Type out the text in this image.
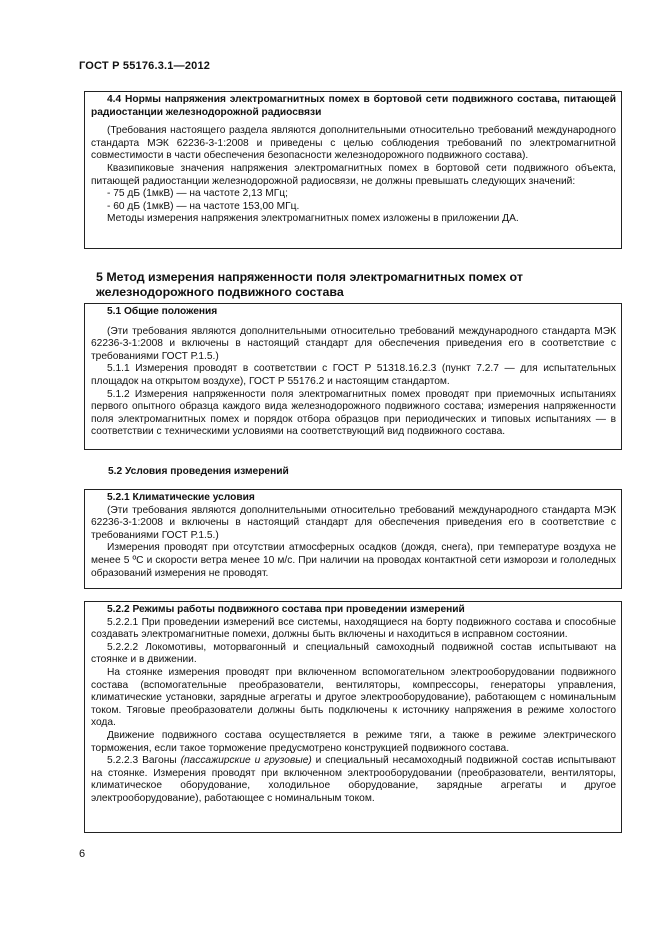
ГОСТ Р 55176.3.1—2012

4.4 Нормы напряжения электромагнитных помех в бортовой сети подвижного состава, питающей радиостанции железнодорожной радиосвязи

(Требования настоящего раздела являются дополнительными относительно требований международного стандарта МЭК 62236-3-1:2008 и приведены с целью соблюдения требований по электромагнитной совместимости в части обеспечения безопасности железнодорожного подвижного состава).

Квазипиковые значения напряжения электромагнитных помех в бортовой сети подвижного объекта, питающей радиостанции железнодорожной радиосвязи, не должны превышать следующих значений:

- 75 дБ (1мкВ) — на частоте 2,13 МГц;

- 60 дБ (1мкВ) — на частоте 153,00 МГц.

Методы измерения напряжения электромагнитных помех изложены в приложении ДА.

5 Метод измерения напряженности поля электромагнитных помех от железнодорожного подвижного состава

5.1 Общие положения

(Эти требования являются дополнительными относительно требований международного стандарта МЭК 62236-3-1:2008 и включены в настоящий стандарт для обеспечения приведения его в соответствие с требованиями ГОСТ Р.1.5.)

5.1.1 Измерения проводят в соответствии с ГОСТ Р 51318.16.2.3 (пункт 7.2.7 — для испытательных площадок на открытом воздухе), ГОСТ Р 55176.2 и настоящим стандартом.

5.1.2 Измерения напряженности поля электромагнитных помех проводят при приемочных испытаниях первого опытного образца каждого вида железнодорожного подвижного состава; измерения напряженности поля электромагнитных помех и порядок отбора образцов при периодических и типовых испытаниях — в соответствии с техническими условиями на соответствующий вид подвижного состава.

5.2 Условия проведения измерений

5.2.1 Климатические условия

(Эти требования являются дополнительными относительно требований международного стандарта МЭК 62236-3-1:2008 и включены в настоящий стандарт для обеспечения приведения его в соответствие с требованиями ГОСТ Р.1.5.)

Измерения проводят при отсутствии атмосферных осадков (дождя, снега), при температуре воздуха не менее 5 ºС и скорости ветра менее 10 м/с. При наличии на проводах контактной сети изморози и гололедных образований измерения не проводят.

5.2.2 Режимы работы подвижного состава при проведении измерений

5.2.2.1 При проведении измерений все системы, находящиеся на борту подвижного состава и способные создавать электромагнитные помехи, должны быть включены и находиться в исправном состоянии.

5.2.2.2 Локомотивы, моторвагонный и специальный самоходный подвижной состав испытывают на стоянке и в движении.

На стоянке измерения проводят при включенном вспомогательном электрооборудовании подвижного состава (вспомогательные преобразователи, вентиляторы, компрессоры, генераторы управления, климатические установки, зарядные агрегаты и другое электрооборудование), работающем с номинальным током. Тяговые преобразователи должны быть подключены к источнику напряжения в режиме холостого хода.

Движение подвижного состава осуществляется в режиме тяги, а также в режиме электрического торможения, если такое торможение предусмотрено конструкцией подвижного состава.

5.2.2.3 Вагоны (пассажирские и грузовые) и специальный несамоходный подвижной состав испытывают на стоянке. Измерения проводят при включенном электрооборудовании (преобразователи, вентиляторы, климатическое оборудование, холодильное оборудование, зарядные агрегаты и другое электрооборудование), работающее с номинальным током.

6
